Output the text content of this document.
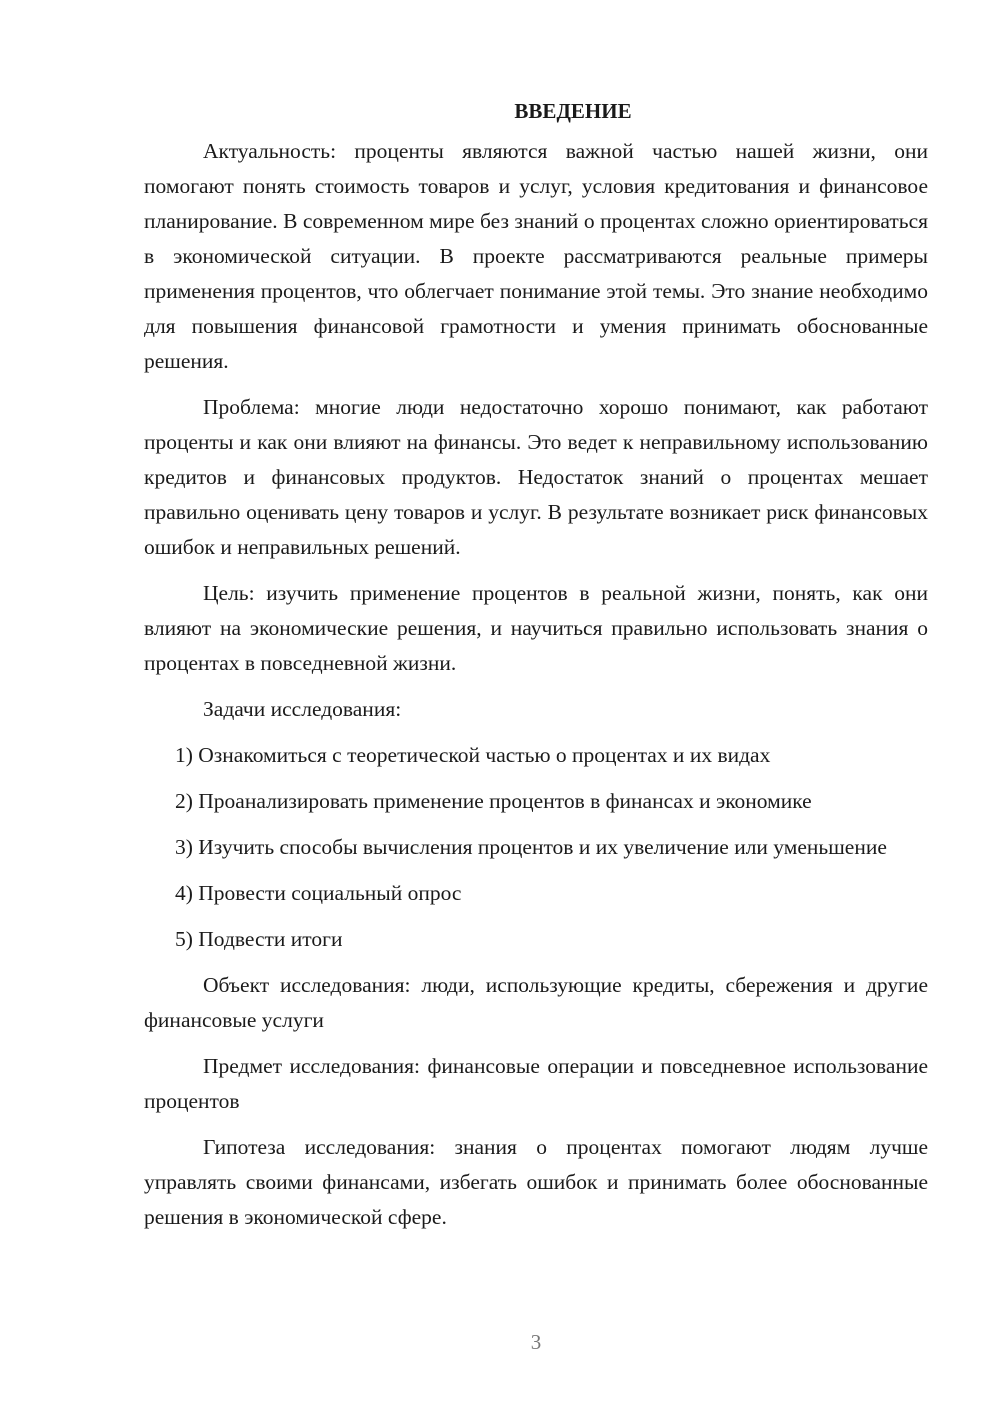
ВВЕДЕНИЕ

Актуальность: проценты являются важной частью нашей жизни, они помогают понять стоимость товаров и услуг, условия кредитования и финансовое планирование. В современном мире без знаний о процентах сложно ориентироваться в экономической ситуации. В проекте рассматриваются реальные примеры применения процентов, что облегчает понимание этой темы. Это знание необходимо для повышения финансовой грамотности и умения принимать обоснованные решения.

Проблема: многие люди недостаточно хорошо понимают, как работают проценты и как они влияют на финансы. Это ведет к неправильному использованию кредитов и финансовых продуктов. Недостаток знаний о процентах мешает правильно оценивать цену товаров и услуг. В результате возникает риск финансовых ошибок и неправильных решений.

Цель: изучить применение процентов в реальной жизни, понять, как они влияют на экономические решения, и научиться правильно использовать знания о процентах в повседневной жизни.

Задачи исследования:

1) Ознакомиться с теоретической частью о процентах и их видах

2) Проанализировать применение процентов в финансах и экономике

3) Изучить способы вычисления процентов и их увеличение или уменьшение

4) Провести социальный опрос

5) Подвести итоги

Объект исследования: люди, использующие кредиты, сбережения и другие финансовые услуги

Предмет исследования: финансовые операции и повседневное использование процентов

Гипотеза исследования: знания о процентах помогают людям лучше управлять своими финансами, избегать ошибок и принимать более обоснованные решения в экономической сфере.

3
